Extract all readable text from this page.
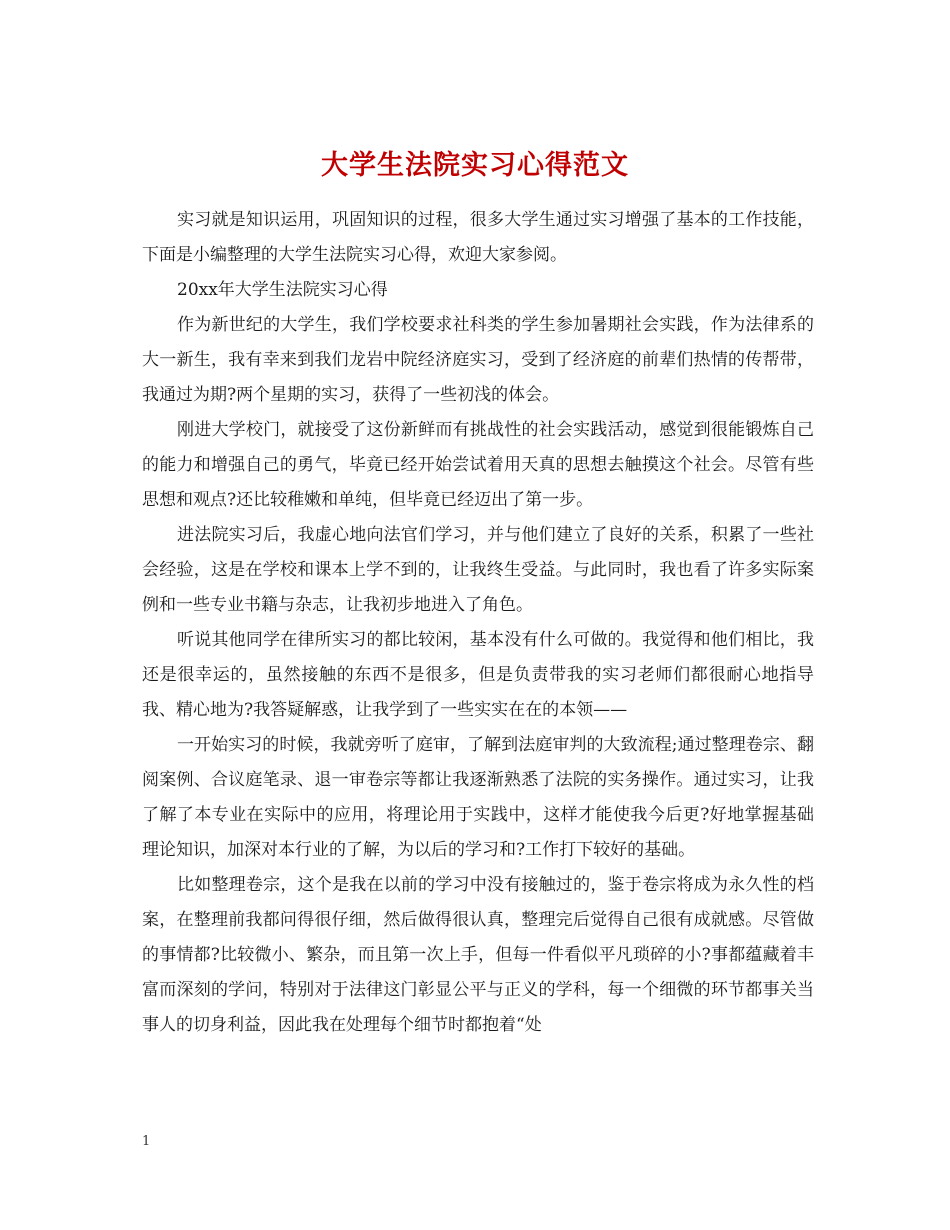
大学生法院实习心得范文

实习就是知识运用，巩固知识的过程，很多大学生通过实习增强了基本的工作技能，下面是小编整理的大学生法院实习心得，欢迎大家参阅。

20xx年大学生法院实习心得

作为新世纪的大学生，我们学校要求社科类的学生参加暑期社会实践，作为法律系的大一新生，我有幸来到我们龙岩中院经济庭实习，受到了经济庭的前辈们热情的传帮带，我通过为期?两个星期的实习，获得了一些初浅的体会。

刚进大学校门，就接受了这份新鲜而有挑战性的社会实践活动，感觉到很能锻炼自己的能力和增强自己的勇气，毕竟已经开始尝试着用天真的思想去触摸这个社会。尽管有些思想和观点?还比较稚嫩和单纯，但毕竟已经迈出了第一步。

进法院实习后，我虚心地向法官们学习，并与他们建立了良好的关系，积累了一些社会经验，这是在学校和课本上学不到的，让我终生受益。与此同时，我也看了许多实际案例和一些专业书籍与杂志，让我初步地进入了角色。

听说其他同学在律所实习的都比较闲，基本没有什么可做的。我觉得和他们相比，我还是很幸运的，虽然接触的东西不是很多，但是负责带我的实习老师们都很耐心地指导我、精心地为?我答疑解惑，让我学到了一些实实在在的本领——

一开始实习的时候，我就旁听了庭审，了解到法庭审判的大致流程;通过整理卷宗、翻阅案例、合议庭笔录、退一审卷宗等都让我逐渐熟悉了法院的实务操作。通过实习，让我了解了本专业在实际中的应用，将理论用于实践中，这样才能使我今后更?好地掌握基础理论知识，加深对本行业的了解，为以后的学习和?工作打下较好的基础。

比如整理卷宗，这个是我在以前的学习中没有接触过的，鉴于卷宗将成为永久性的档案，在整理前我都问得很仔细，然后做得很认真，整理完后觉得自己很有成就感。尽管做的事情都?比较微小、繁杂，而且第一次上手，但每一件看似平凡琐碎的小?事都蕴藏着丰富而深刻的学问，特别对于法律这门彰显公平与正义的学科，每一个细微的环节都事关当事人的切身利益，因此我在处理每个细节时都抱着“处

1
